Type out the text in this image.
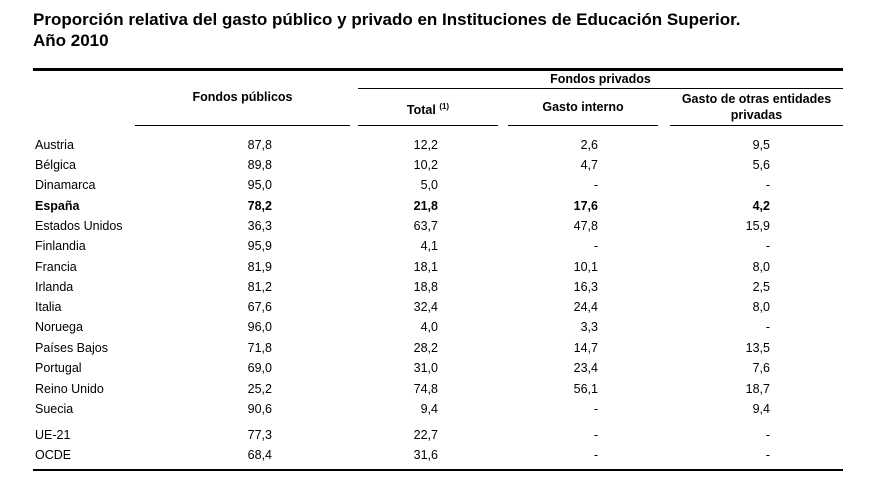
Proporción relativa del gasto público y privado en Instituciones de Educación Superior.
Año 2010
Fondos públicos
Fondos privados
Total $^{(1)}$	Gasto interno
Gasto de otras entidades
privadas
Austria	87,8	12,2	2,6	9,5
Bélgica	89,8	10,2	4,7	5,6
Dinamarca	95,0	5,0	-	-
España	78,2	21,8	17,6	4,2
Estados Unidos	36,3	63,7	47,8	15,9
Finlandia	95,9	4,1	-	-
Francia	81,9	18,1	10,1	8,0
Irlanda	81,2	18,8	16,3	2,5
Italia	67,6	32,4	24,4	8,0
Noruega	96,0	4,0	3,3	-
Países Bajos	71,8	28,2	14,7	13,5
Portugal	69,0	31,0	23,4	7,6
Reino Unido	25,2	74,8	56,1	18,7
Suecia	90,6	9,4	-	9,4
UE-21	77,3	22,7	-	-
OCDE	68,4	31,6	-	-
